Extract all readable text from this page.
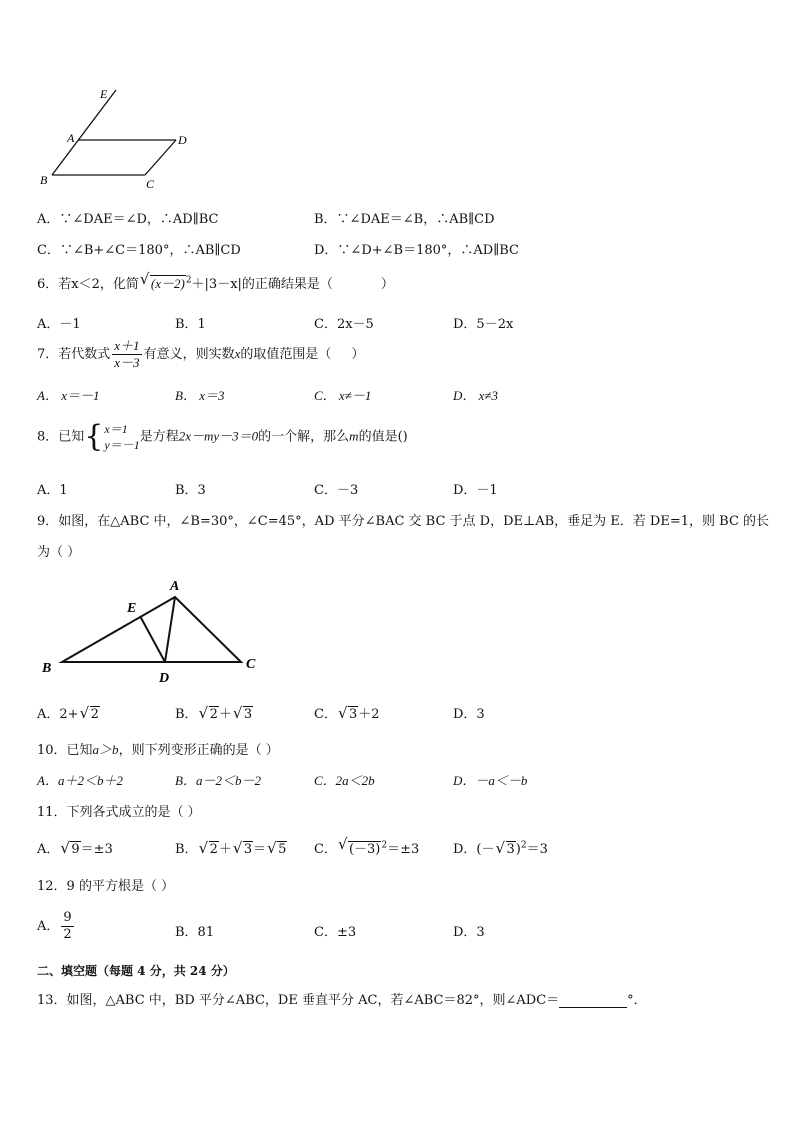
E
A	D
B	C
A．∵∠DAE＝∠D，∴AD∥BC	B．∵∠DAE＝∠B，∴AB∥CD
C．∵∠B+∠C＝180°，∴AB∥CD	D．∵∠D+∠B＝180°，∴AD∥BC
6．若x＜2，化简 √ $(x-2)^2+|3-x|$的正确结果是（	）
A．－1	B．1	C．2x－5	D．5－2x
7．若代数式 $\frac{x+1}{x-3}$ 有意义，则实数x的取值范围是（ ）
A． x＝－1	B． x＝3	C． x≠－1	D． x≠3
8．已知{x＝1
y＝－1是方程2x－my－3＝0的一个解，那么m的值是()
A．1	B．3	C．－3	D．－1
9．如图，在△ABC 中，∠B=30°，∠C=45°，AD 平分∠BAC 交 BC 于点 D，DE⊥AB，垂足为 E．若 DE=1，则 BC 的长
为（ ）
A
E
B
D
C
A．2+ √ 2	B． √ 2＋ √ 3	C． √ 3＋2	D．3
10．已知a＞b，则下列变形正确的是（ ）
A．a＋2＜b＋2	B．a－2＜b－2	C．2a＜2b	D．－a＜－b
11．下列各式成立的是（ ）
A． √ 9＝±3	B． √ 2＋ √ 3＝ √ 5 C． √ $(-3)^2=\pm 3$	D．(－ √ 3)$^2$＝3
12．9 的平方根是（ ）
A． $\frac{9}{2}$	B．81	C．±3	D．3
二、填空题（每题 4 分，共 24 分）
13．如图，△ABC 中，BD 平分∠ABC，DE 垂直平分 AC，若∠ABC＝82°，则∠ADC＝	°．
